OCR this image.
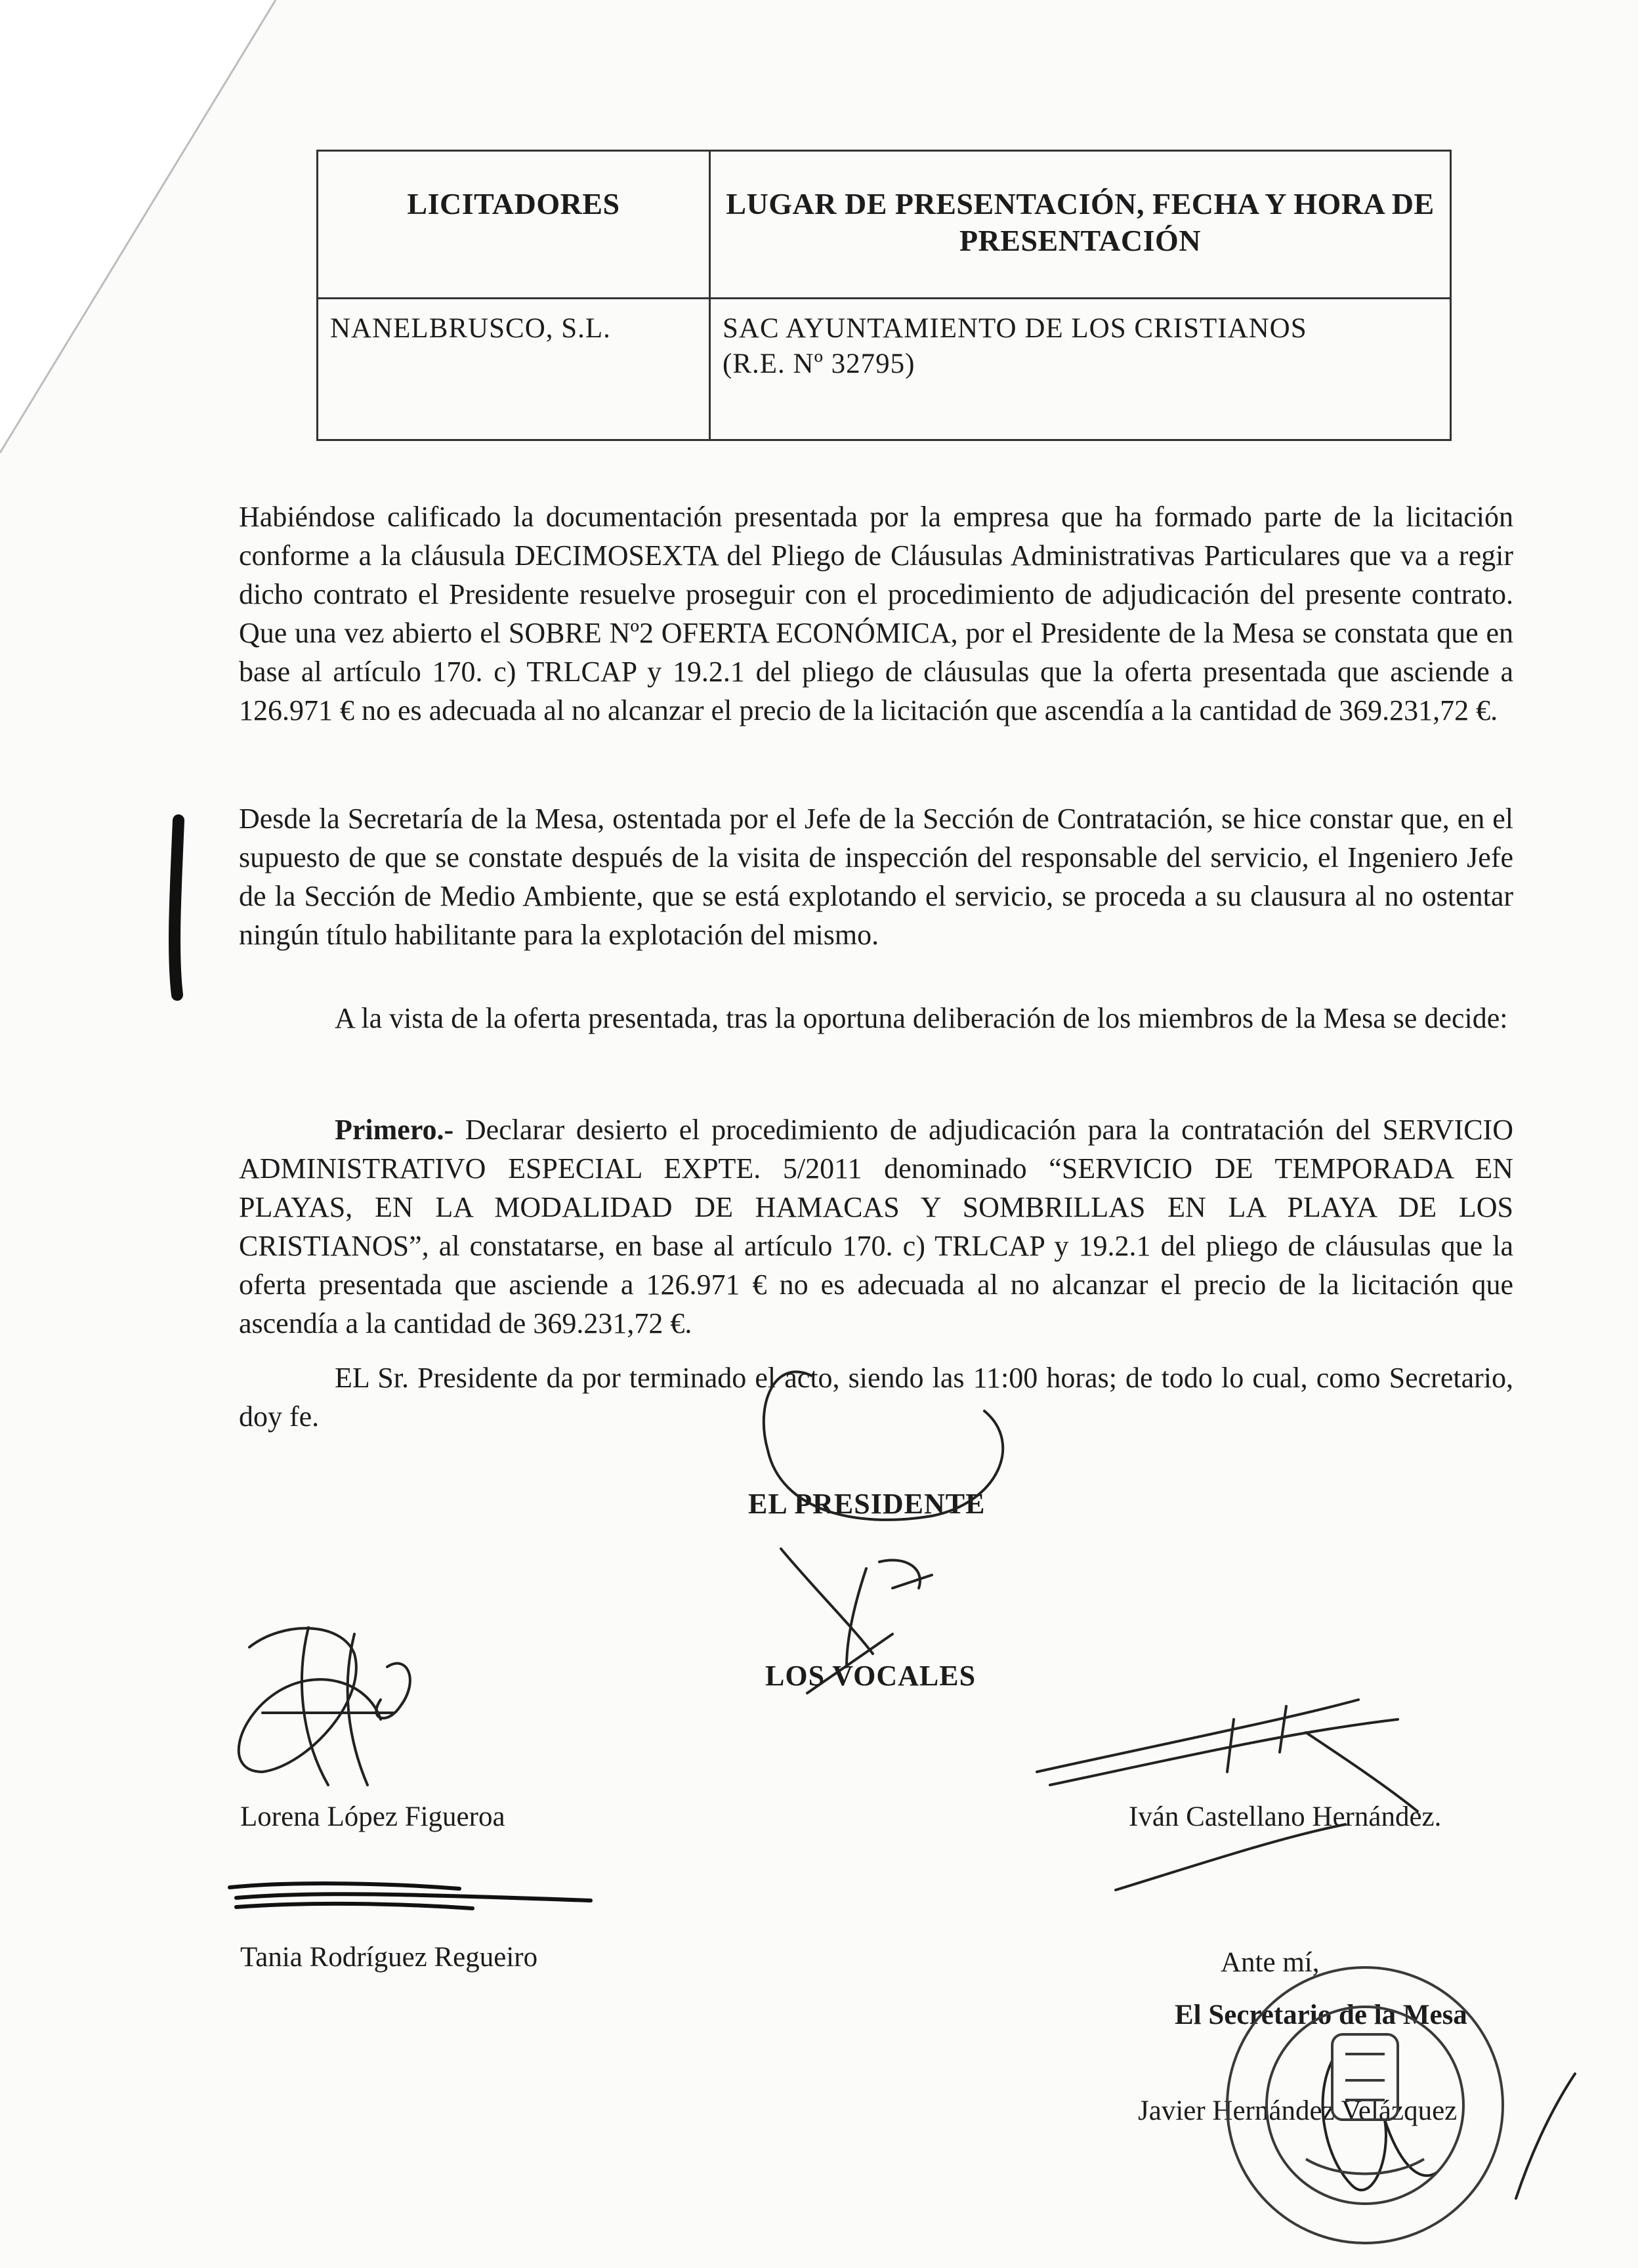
LICITADORES	LUGAR DE PRESENTACIÓN, FECHA Y HORA DE PRESENTACIÓN
NANELBRUSCO, S.L.	SAC AYUNTAMIENTO DE LOS CRISTIANOS
(R.E. Nº 32795)
Habiéndose calificado la documentación presentada por la empresa que ha formado parte de la licitación conforme a la cláusula DECIMOSEXTA del Pliego de Cláusulas Administrativas Particulares que va a regir dicho contrato el Presidente resuelve proseguir con el procedimiento de adjudicación del presente contrato. Que una vez abierto el SOBRE Nº2 OFERTA ECONÓMICA, por el Presidente de la Mesa se constata que en base al artículo 170. c) TRLCAP y 19.2.1 del pliego de cláusulas que la oferta presentada que asciende a 126.971 € no es adecuada al no alcanzar el precio de la licitación que ascendía a la cantidad de 369.231,72 €.
Desde la Secretaría de la Mesa, ostentada por el Jefe de la Sección de Contratación, se hice constar que, en el supuesto de que se constate después de la visita de inspección del responsable del servicio, el Ingeniero Jefe de la Sección de Medio Ambiente, que se está explotando el servicio, se proceda a su clausura al no ostentar ningún título habilitante para la explotación del mismo.
A la vista de la oferta presentada, tras la oportuna deliberación de los miembros de la Mesa se decide:
Primero.- Declarar desierto el procedimiento de adjudicación para la contratación del SERVICIO ADMINISTRATIVO ESPECIAL EXPTE. 5/2011 denominado “SERVICIO DE TEMPORADA EN PLAYAS, EN LA MODALIDAD DE HAMACAS Y SOMBRILLAS EN LA PLAYA DE LOS CRISTIANOS”, al constatarse, en base al artículo 170. c) TRLCAP y 19.2.1 del pliego de cláusulas que la oferta presentada que asciende a 126.971 € no es adecuada al no alcanzar el precio de la licitación que ascendía a la cantidad de 369.231,72 €.
EL Sr. Presidente da por terminado el acto, siendo las 11:00 horas; de todo lo cual, como Secretario, doy fe.
EL PRESIDENTE
LOS VOCALES
Lorena López Figueroa	Iván Castellano Hernández.
Tania Rodríguez Regueiro	Ante mí,
El Secretario de la Mesa
Javier Hernández Velázquez
